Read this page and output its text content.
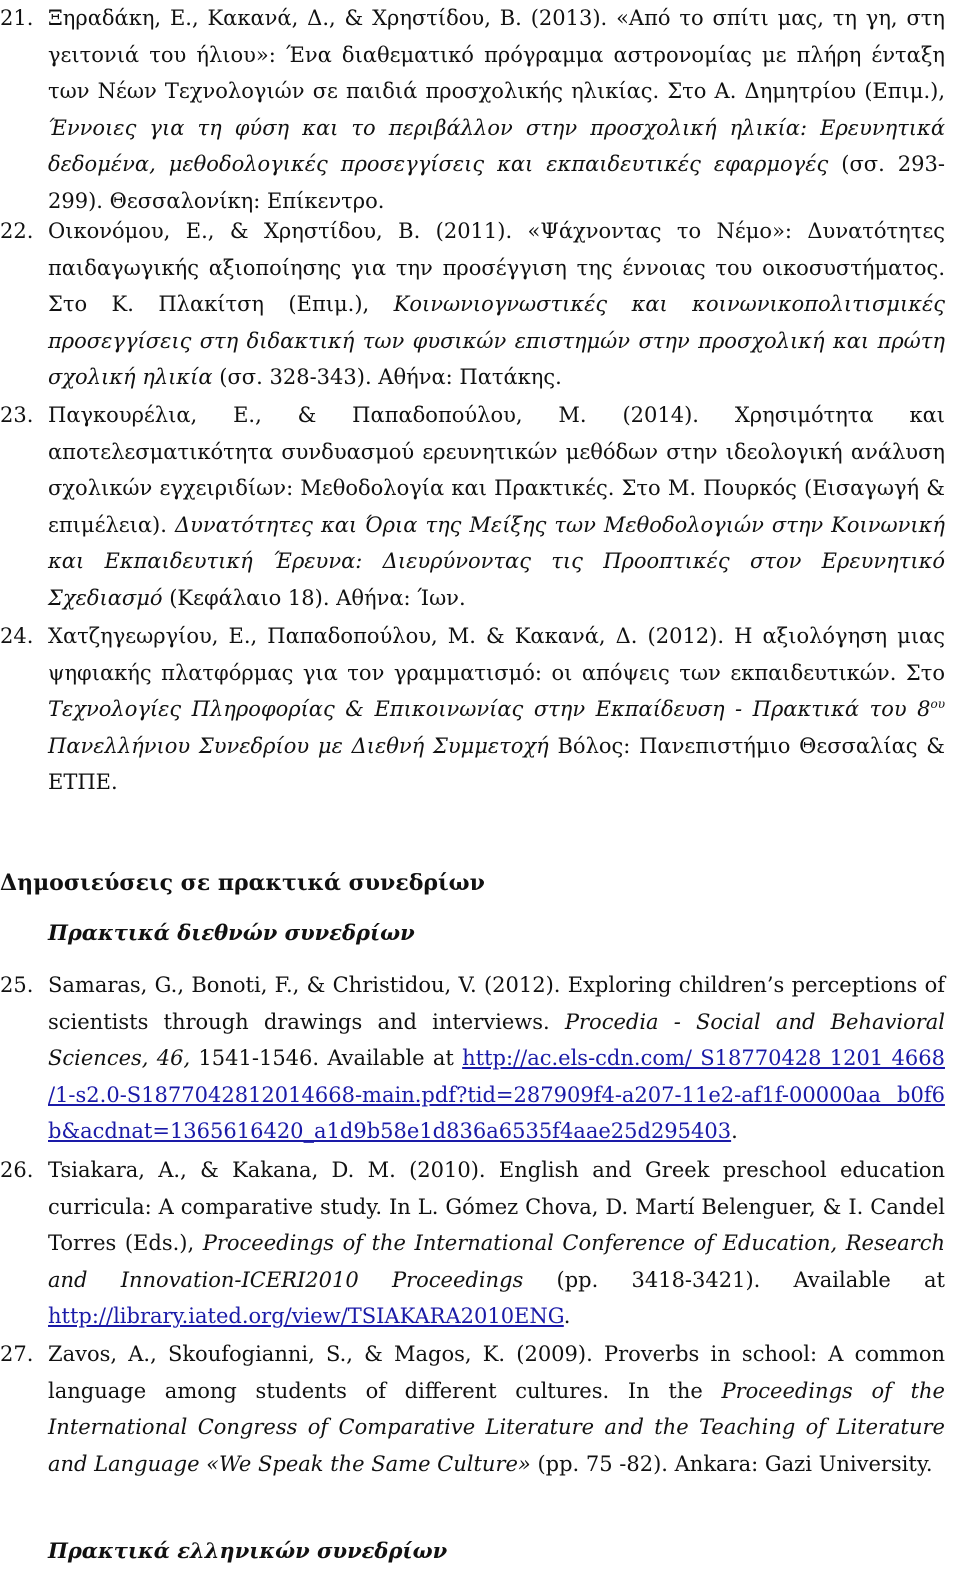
21. Ξηραδάκη, Ε., Κακανά, Δ., & Χρηστίδου, Β. (2013). «Από το σπίτι μας, τη γη, στη γειτονιά του ήλιου»: Ένα διαθεματικό πρόγραμμα αστρονομίας με πλήρη ένταξη των Νέων Τεχνολογιών σε παιδιά προσχολικής ηλικίας. Στο Α. Δημητρίου (Επιμ.), Έννοιες για τη φύση και το περιβάλλον στην προσχολική ηλικία: Ερευνητικά δεδομένα, μεθοδολογικές προσεγγίσεις και εκπαιδευτικές εφαρμογές (σσ. 293-299). Θεσσαλονίκη: Επίκεντρο.
22. Οικονόμου, Ε., & Χρηστίδου, Β. (2011). «Ψάχνοντας το Νέμο»: Δυνατότητες παιδαγωγικής αξιοποίησης για την προσέγγιση της έννοιας του οικοσυστήματος. Στο Κ. Πλακίτση (Επιμ.), Κοινωνιογνωστικές και κοινωνικοπολιτισμικές προσεγγίσεις στη διδακτική των φυσικών επιστημών στην προσχολική και πρώτη σχολική ηλικία (σσ. 328-343). Αθήνα: Πατάκης.
23. Παγκουρέλια, Ε., & Παπαδοπούλου, Μ. (2014). Χρησιμότητα και αποτελεσματικότητα συνδυασμού ερευνητικών μεθόδων στην ιδεολογική ανάλυση σχολικών εγχειριδίων: Μεθοδολογία και Πρακτικές. Στο Μ. Πουρκός (Εισαγωγή & επιμέλεια). Δυνατότητες και Όρια της Μείξης των Μεθοδολογιών στην Κοινωνική και Εκπαιδευτική Έρευνα: Διευρύνοντας τις Προοπτικές στον Ερευνητικό Σχεδιασμό (Κεφάλαιο 18). Αθήνα: Ίων.
24. Χατζηγεωργίου, Ε., Παπαδοπούλου, Μ. & Κακανά, Δ. (2012). Η αξιολόγηση μιας ψηφιακής πλατφόρμας για τον γραμματισμό: οι απόψεις των εκπαιδευτικών. Στο Τεχνολογίες Πληροφορίας & Επικοινωνίας στην Εκπαίδευση - Πρακτικά του $8^{o\upsilon}$ Πανελλήνιου Συνεδρίου με Διεθνή Συμμετοχή Βόλος: Πανεπιστήμιο Θεσσαλίας & ΕΤΠΕ.
Δημοσιεύσεις σε πρακτικά συνεδρίων
Πρακτικά διεθνών συνεδρίων
25. Samaras, G., Bonoti, F., & Christidou, V. (2012). Exploring children’s perceptions of scientists through drawings and interviews. Procedia - Social and Behavioral Sciences, 46, 1541-1546. Available at http://ac.els-cdn.com/ S18770428 1201 4668 /1-s2.0-S1877042812014668-main.pdf?tid=287909f4-a207-11e2-af1f-00000aa b0f6b&acdnat=1365616420_a1d9b58e1d836a6535f4aae25d295403.
26. Tsiakara, A., & Kakana, D. M. (2010). English and Greek preschool education curricula: A comparative study. In L. Gómez Chova, D. Martí Belenguer, & I. Candel Torres (Eds.), Proceedings of the International Conference of Education, Research and Innovation-ICERI2010 Proceedings (pp. 3418-3421). Available at http://library.iated.org/view/TSIAKARA2010ENG.
27. Zavos, A., Skoufogianni, S., & Magos, K. (2009). Proverbs in school: A common language among students of different cultures. In the Proceedings of the International Congress of Comparative Literature and the Teaching of Literature and Language «We Speak the Same Culture» (pp. 75 -82). Ankara: Gazi University.
Πρακτικά ελληνικών συνεδρίων
